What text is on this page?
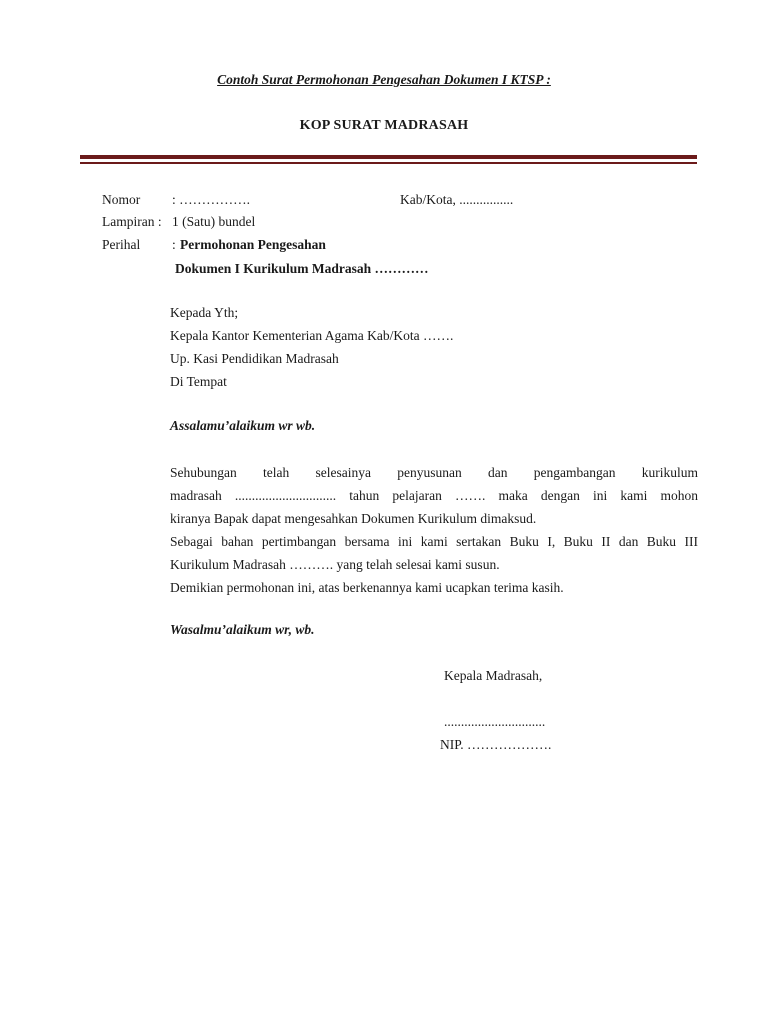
Contoh Surat Permohonan Pengesahan Dokumen I KTSP :
KOP SURAT MADRASAH
Nomor : …………….	Kab/Kota, ................
Lampiran : 1 (Satu) bundel
Perihal : Permohonan Pengesahan
Dokumen I Kurikulum Madrasah …………
Kepada Yth;
Kepala Kantor Kementerian Agama Kab/Kota …….
Up. Kasi Pendidikan Madrasah
Di Tempat
Assalamu’alaikum wr wb.
Sehubungan telah selesainya penyusunan dan pengambangan kurikulum
madrasah .............................. tahun pelajaran ……. maka dengan ini kami mohon
kiranya Bapak dapat mengesahkan Dokumen Kurikulum dimaksud.
Sebagai bahan pertimbangan bersama ini kami sertakan Buku I, Buku II dan Buku III
Kurikulum Madrasah ………. yang telah selesai kami susun.
Demikian permohonan ini, atas berkenannya kami ucapkan terima kasih.
Wasalmu’alaikum wr, wb.
Kepala Madrasah,
..............................
NIP. ……………….
